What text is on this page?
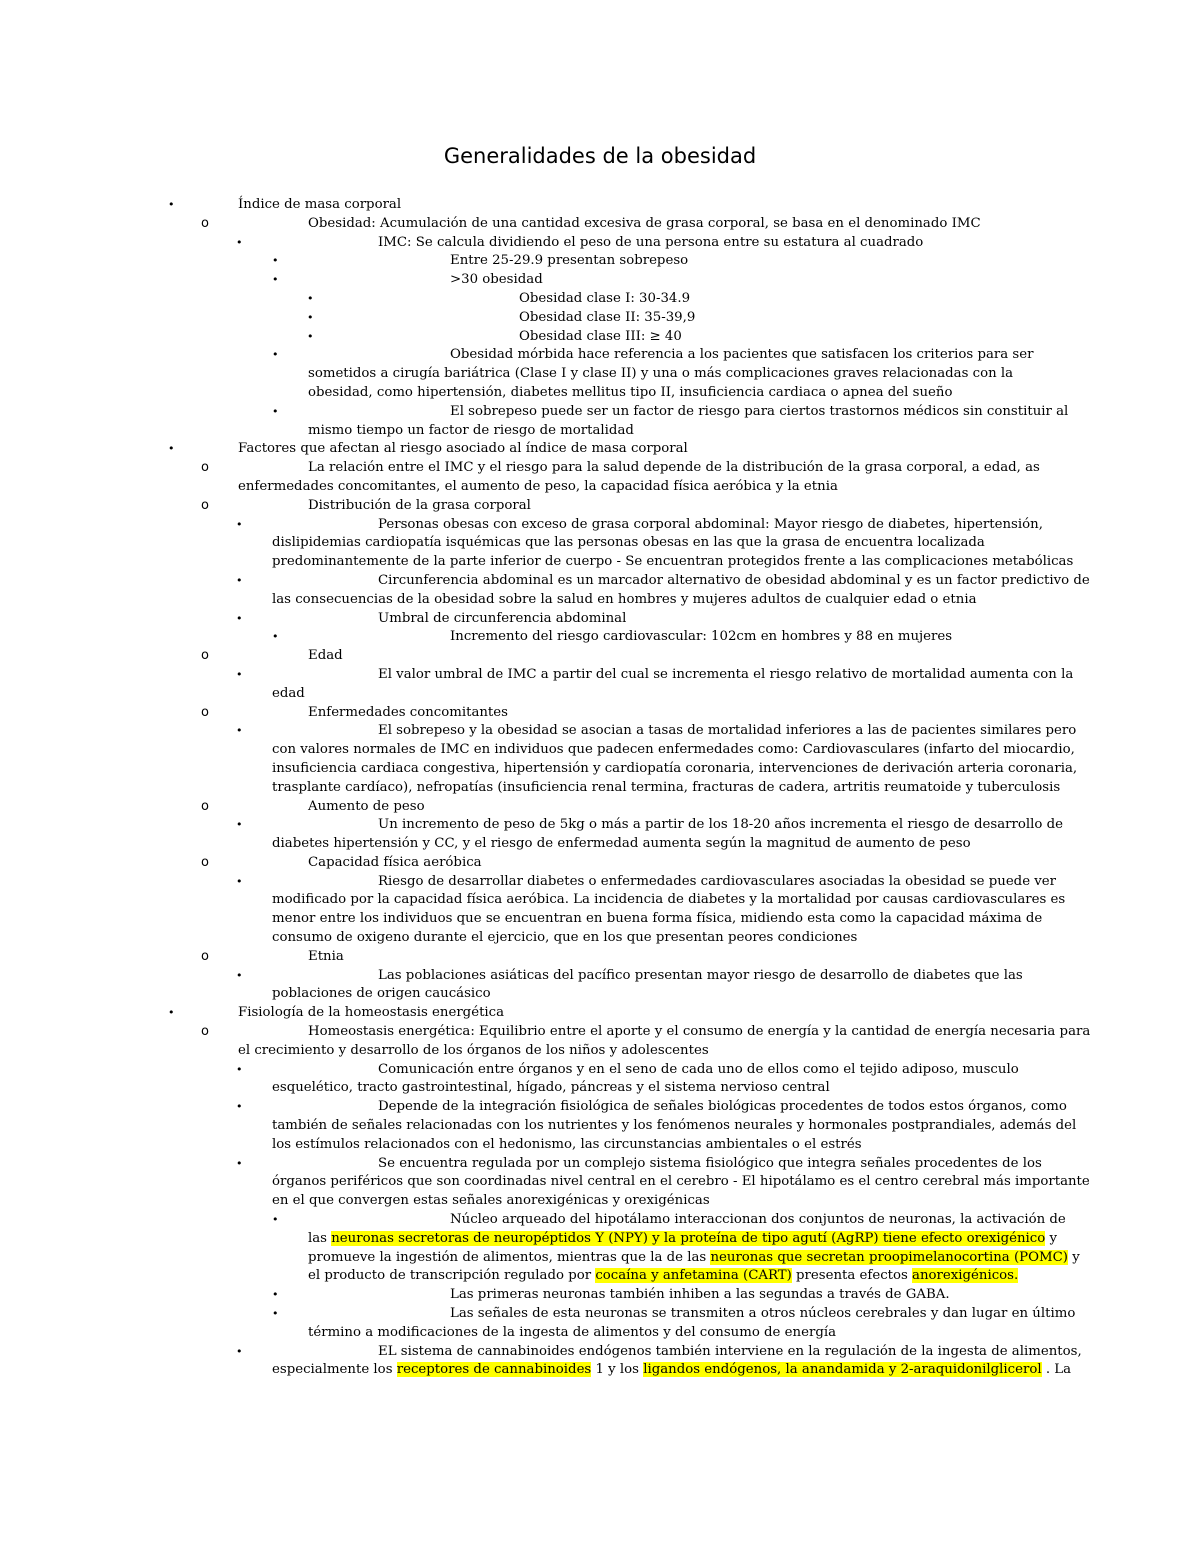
Generalidades de la obesidad
•	Índice de masa corporal
o	Obesidad: Acumulación de una cantidad excesiva de grasa corporal, se basa en el denominado IMC
•	IMC: Se calcula dividiendo el peso de una persona entre su estatura al cuadrado
•	Entre 25-29.9 presentan sobrepeso
•	>30 obesidad
•	Obesidad clase I: 30-34.9
•	Obesidad clase II: 35-39,9
•	Obesidad clase III: ≥ 40
•	Obesidad mórbida hace referencia a los pacientes que satisfacen los criterios para ser
sometidos a cirugía bariátrica (Clase I y clase II) y una o más complicaciones graves relacionadas con la
obesidad, como hipertensión, diabetes mellitus tipo II, insuficiencia cardiaca o apnea del sueño
•	El sobrepeso puede ser un factor de riesgo para ciertos trastornos médicos sin constituir al
mismo tiempo un factor de riesgo de mortalidad
•	Factores que afectan al riesgo asociado al índice de masa corporal
o	La relación entre el IMC y el riesgo para la salud depende de la distribución de la grasa corporal, a edad, as
enfermedades concomitantes, el aumento de peso, la capacidad física aeróbica y la etnia
o	Distribución de la grasa corporal
•	Personas obesas con exceso de grasa corporal abdominal: Mayor riesgo de diabetes, hipertensión,
dislipidemias cardiopatía isquémicas que las personas obesas en las que la grasa de encuentra localizada
predominantemente de la parte inferior de cuerpo - Se encuentran protegidos frente a las complicaciones metabólicas
•	Circunferencia abdominal es un marcador alternativo de obesidad abdominal y es un factor predictivo de
las consecuencias de la obesidad sobre la salud en hombres y mujeres adultos de cualquier edad o etnia
•	Umbral de circunferencia abdominal
•	Incremento del riesgo cardiovascular: 102cm en hombres y 88 en mujeres
o	Edad
•	El valor umbral de IMC a partir del cual se incrementa el riesgo relativo de mortalidad aumenta con la
edad
o	Enfermedades concomitantes
•	El sobrepeso y la obesidad se asocian a tasas de mortalidad inferiores a las de pacientes similares pero
con valores normales de IMC en individuos que padecen enfermedades como: Cardiovasculares (infarto del miocardio,
insuficiencia cardiaca congestiva, hipertensión y cardiopatía coronaria, intervenciones de derivación arteria coronaria,
trasplante cardíaco), nefropatías (insuficiencia renal termina, fracturas de cadera, artritis reumatoide y tuberculosis
o	Aumento de peso
•	Un incremento de peso de 5kg o más a partir de los 18-20 años incrementa el riesgo de desarrollo de
diabetes hipertensión y CC, y el riesgo de enfermedad aumenta según la magnitud de aumento de peso
o	Capacidad física aeróbica
•	Riesgo de desarrollar diabetes o enfermedades cardiovasculares asociadas la obesidad se puede ver
modificado por la capacidad física aeróbica. La incidencia de diabetes y la mortalidad por causas cardiovasculares es
menor entre los individuos que se encuentran en buena forma física, midiendo esta como la capacidad máxima de
consumo de oxigeno durante el ejercicio, que en los que presentan peores condiciones
o	Etnia
•	Las poblaciones asiáticas del pacífico presentan mayor riesgo de desarrollo de diabetes que las
poblaciones de origen caucásico
•	Fisiología de la homeostasis energética
o	Homeostasis energética: Equilibrio entre el aporte y el consumo de energía y la cantidad de energía necesaria para
el crecimiento y desarrollo de los órganos de los niños y adolescentes
•	Comunicación entre órganos y en el seno de cada uno de ellos como el tejido adiposo, musculo
esquelético, tracto gastrointestinal, hígado, páncreas y el sistema nervioso central
•	Depende de la integración fisiológica de señales biológicas procedentes de todos estos órganos, como
también de señales relacionadas con los nutrientes y los fenómenos neurales y hormonales postprandiales, además del
los estímulos relacionados con el hedonismo, las circunstancias ambientales o el estrés
•	Se encuentra regulada por un complejo sistema fisiológico que integra señales procedentes de los
órganos periféricos que son coordinadas nivel central en el cerebro - El hipotálamo es el centro cerebral más importante
en el que convergen estas señales anorexigénicas y orexigénicas
•	Núcleo arqueado del hipotálamo interaccionan dos conjuntos de neuronas, la activación de
las neuronas secretoras de neuropéptidos Y (NPY) y la proteína de tipo agutí (AgRP) tiene efecto orexigénico y
promueve la ingestión de alimentos, mientras que la de las neuronas que secretan proopimelanocortina (POMC) y
el producto de transcripción regulado por cocaína y anfetamina (CART) presenta efectos anorexigénicos.
•	Las primeras neuronas también inhiben a las segundas a través de GABA.
•	Las señales de esta neuronas se transmiten a otros núcleos cerebrales y dan lugar en último
término a modificaciones de la ingesta de alimentos y del consumo de energía
•	EL sistema de cannabinoides endógenos también interviene en la regulación de la ingesta de alimentos,
especialmente los receptores de cannabinoides 1 y los ligandos endógenos, la anandamida y 2-araquidonilglicerol . La
